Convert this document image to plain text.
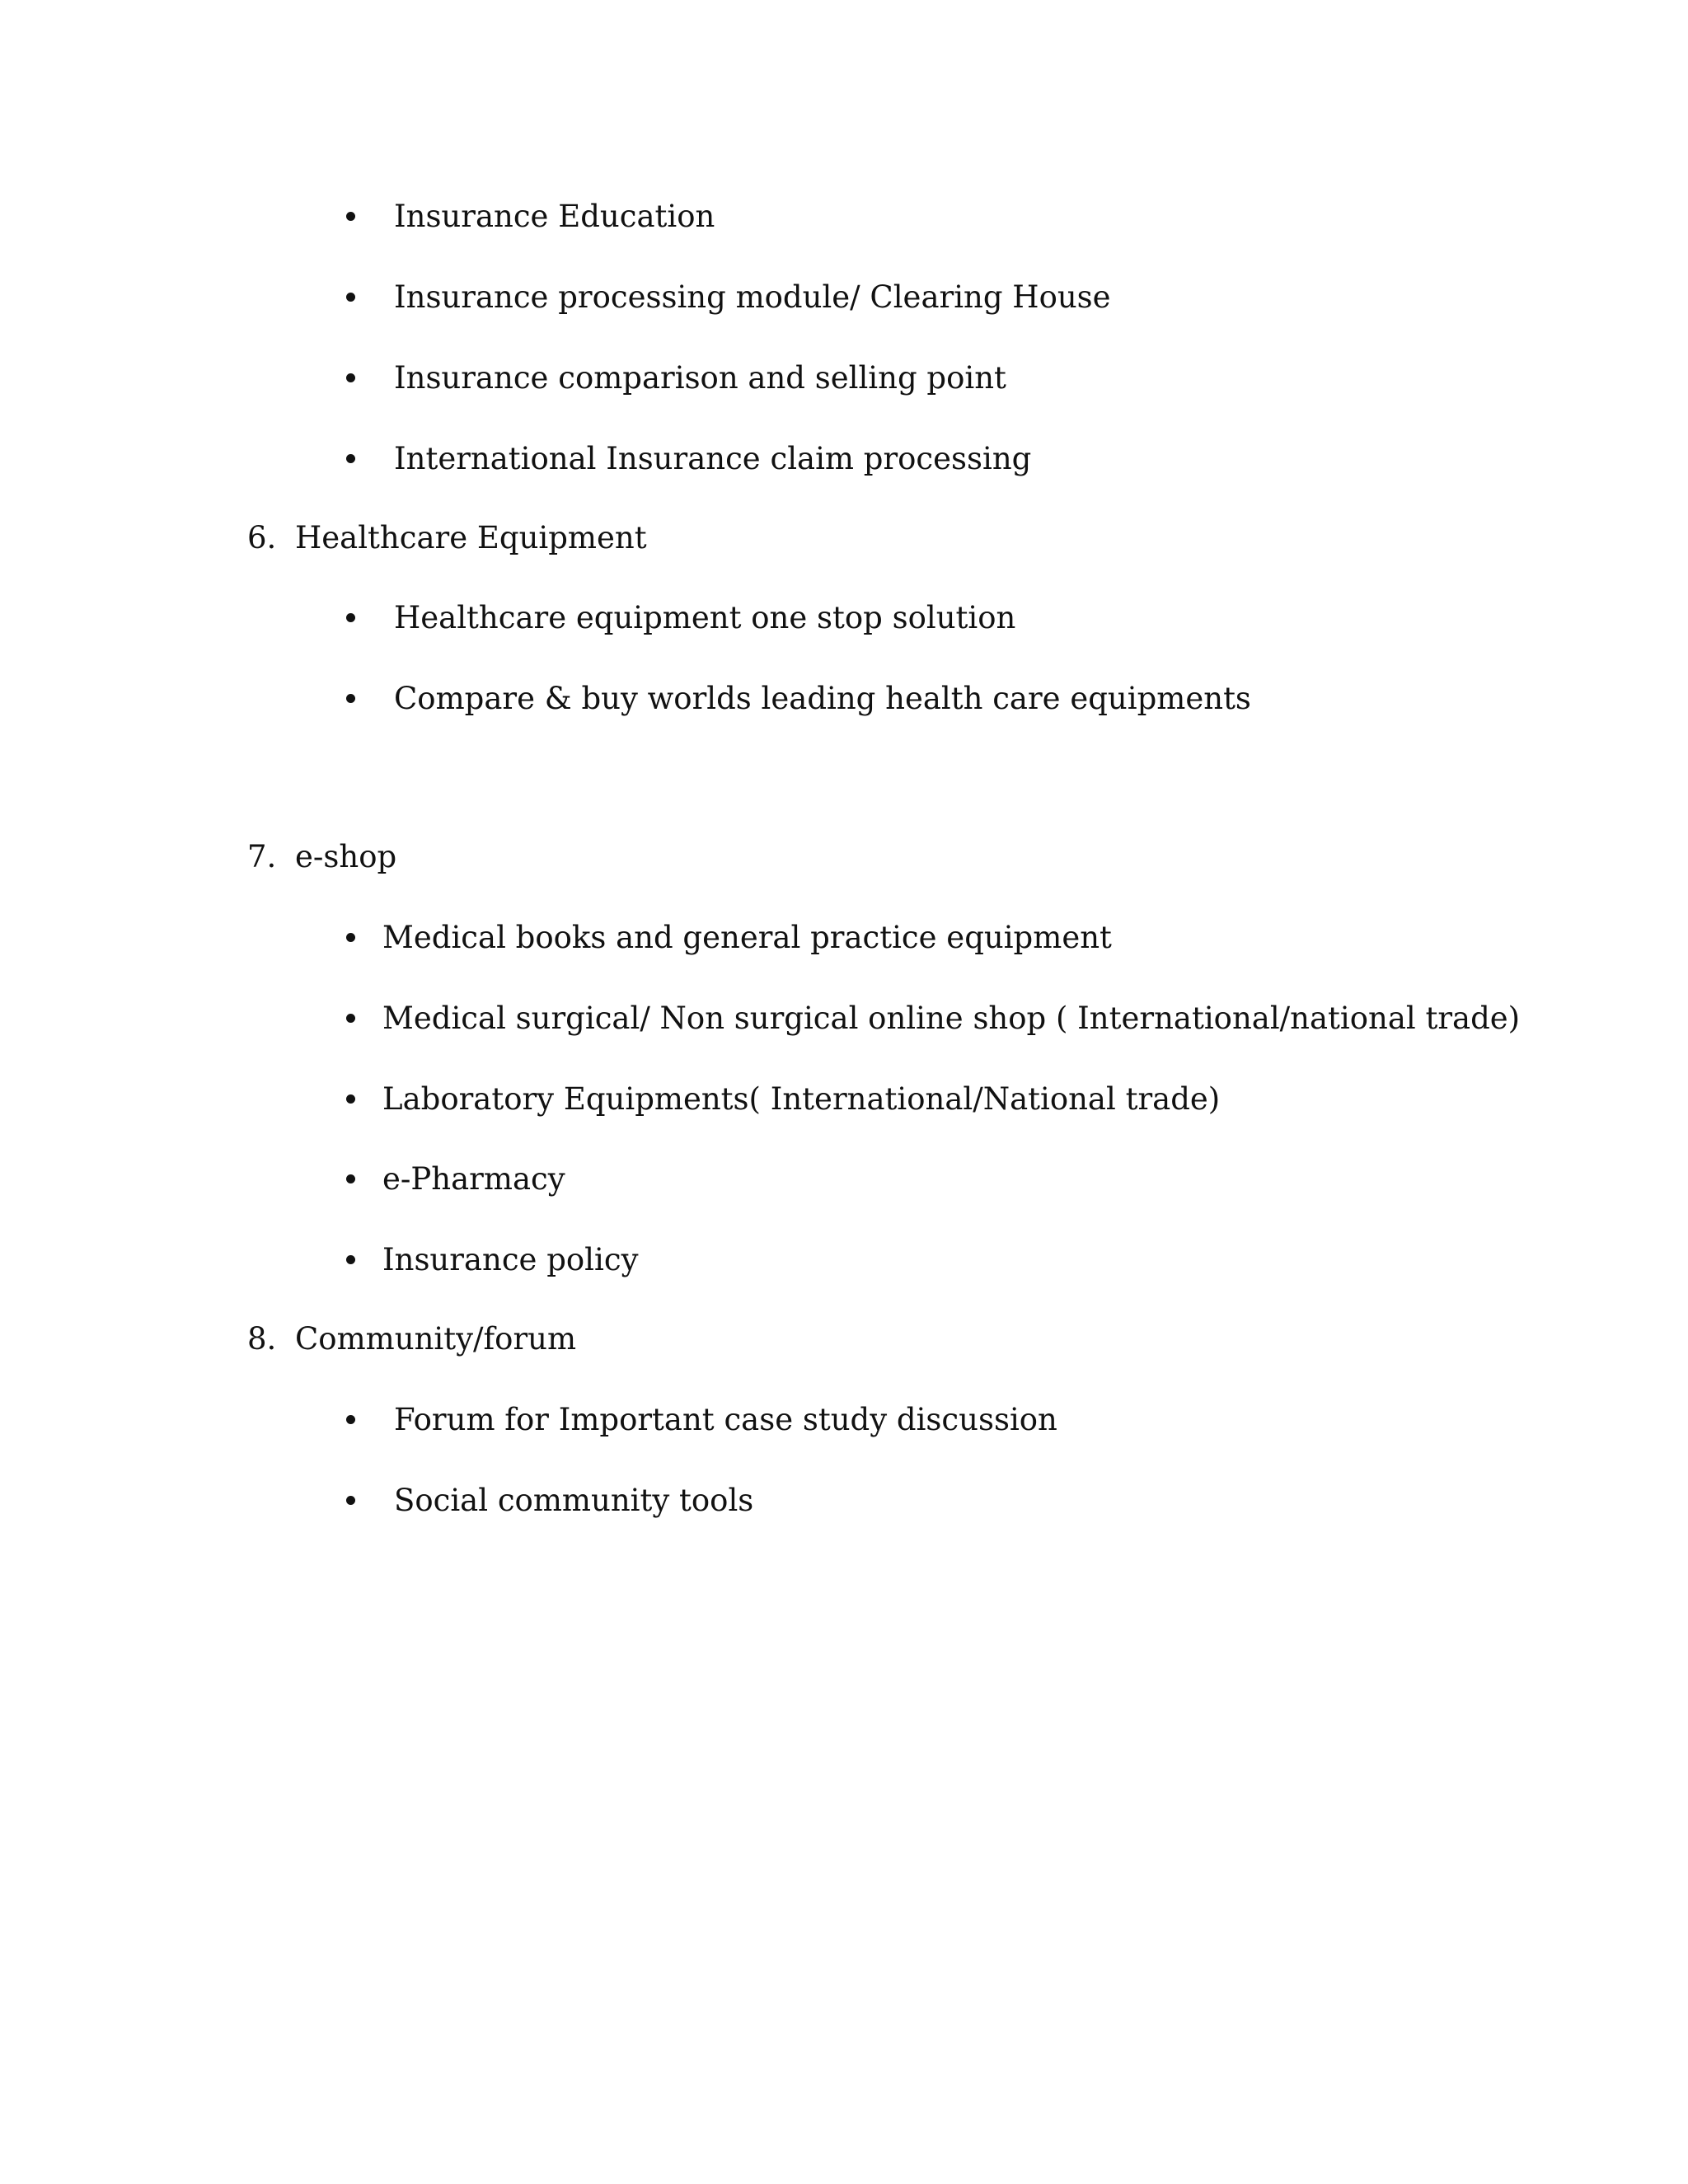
Insurance Education
Insurance processing module/ Clearing House
Insurance comparison and selling point
International Insurance claim processing
6. Healthcare Equipment
Healthcare equipment one stop solution
Compare & buy worlds leading health care equipments
7. e-shop
Medical books and general practice equipment
Medical surgical/ Non surgical online shop ( International/national trade)
Laboratory Equipments( International/National trade)
e-Pharmacy
Insurance policy
8. Community/forum
Forum for Important case study discussion
Social community tools
